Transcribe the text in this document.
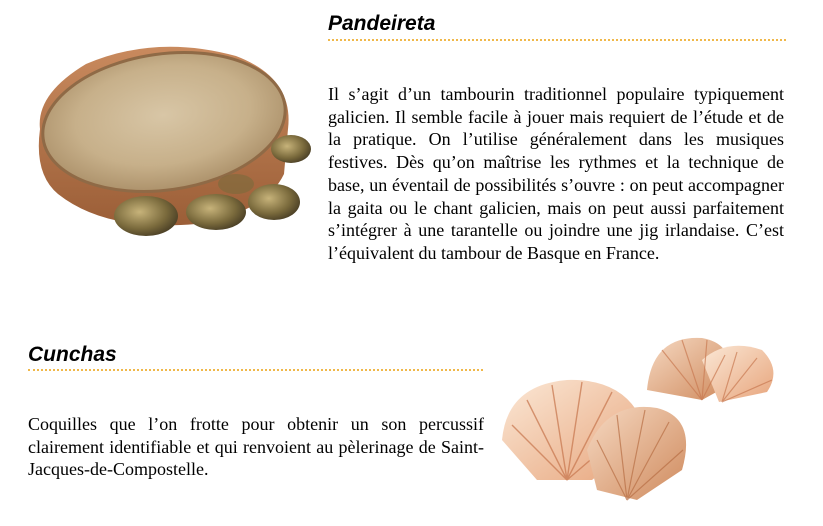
Pandeireta

Il s’agit d’un tambourin traditionnel populaire typiquement galicien. Il semble facile à jouer mais requiert de l’étude et de la pratique. On l’utilise généralement dans les musiques festives. Dès qu’on maîtrise les rythmes et la technique de base, un éventail de possibilités s’ouvre : on peut accompagner la gaita ou le chant galicien, mais on peut aussi parfaitement s’intégrer à une tarantelle ou joindre une jig irlandaise. C’est l’équivalent du tambour de Basque en France.

Cunchas

Coquilles que l’on frotte pour obtenir un son percussif clairement identifiable et qui renvoient au pèlerinage de Saint-Jacques-de-Compostelle.
